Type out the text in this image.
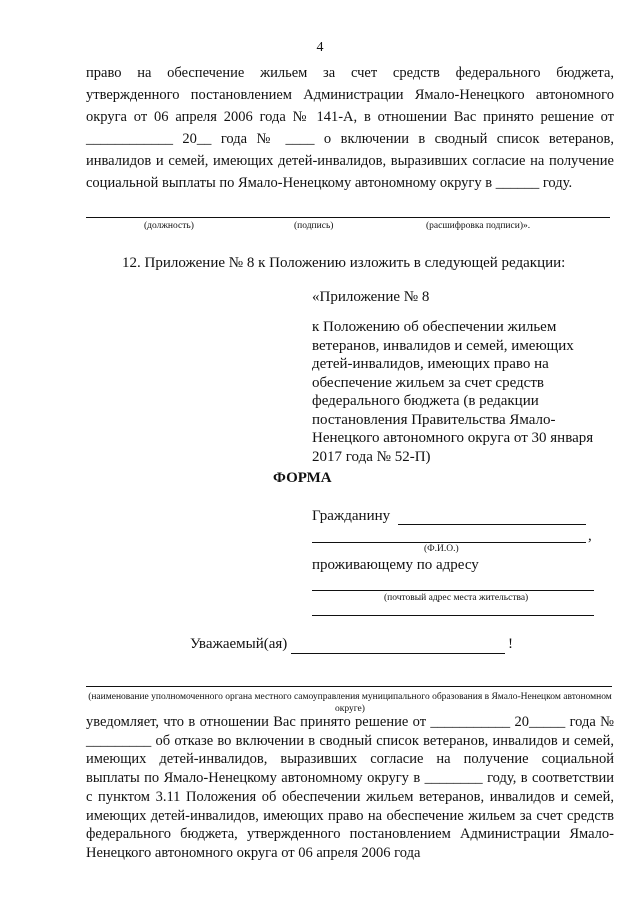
4

право на обеспечение жильем за счет средств федерального бюджета, утвержденного постановлением Администрации Ямало-Ненецкого автономного округа от 06 апреля 2006 года № 141-А, в отношении Вас принято решение от ____________ 20__ года № ____ о включении в сводный список ветеранов, инвалидов и семей, имеющих детей-инвалидов, выразивших согласие на получение социальной выплаты по Ямало-Ненецкому автономному округу в ______ году.

(должность)	(подпись)	(расшифровка подписи)».
12. Приложение № 8 к Положению изложить в следующей редакции:
«Приложение № 8

к Положению об обеспечении жильем ветеранов, инвалидов и семей, имеющих детей-инвалидов, имеющих право на обеспечение жильем за счет средств федерального бюджета (в редакции постановления Правительства Ямало-Ненецкого автономного округа от 30 января 2017 года № 52-П)

ФОРМА
Гражданину
,
(Ф.И.О.)
проживающему по адресу
(почтовый адрес места жительства)
Уважаемый(ая)	!
(наименование уполномоченного органа местного самоуправления муниципального образования в Ямало-Ненецком автономном округе)

уведомляет, что в отношении Вас принято решение от ___________ 20_____ года № _________ об отказе во включении в сводный список ветеранов, инвалидов и семей, имеющих детей-инвалидов, выразивших согласие на получение социальной выплаты по Ямало-Ненецкому автономному округу в ________ году, в соответствии с пунктом 3.11 Положения об обеспечении жильем ветеранов, инвалидов и семей, имеющих детей-инвалидов, имеющих право на обеспечение жильем за счет средств федерального бюджета, утвержденного постановлением Администрации Ямало-Ненецкого автономного округа от 06 апреля 2006 года
